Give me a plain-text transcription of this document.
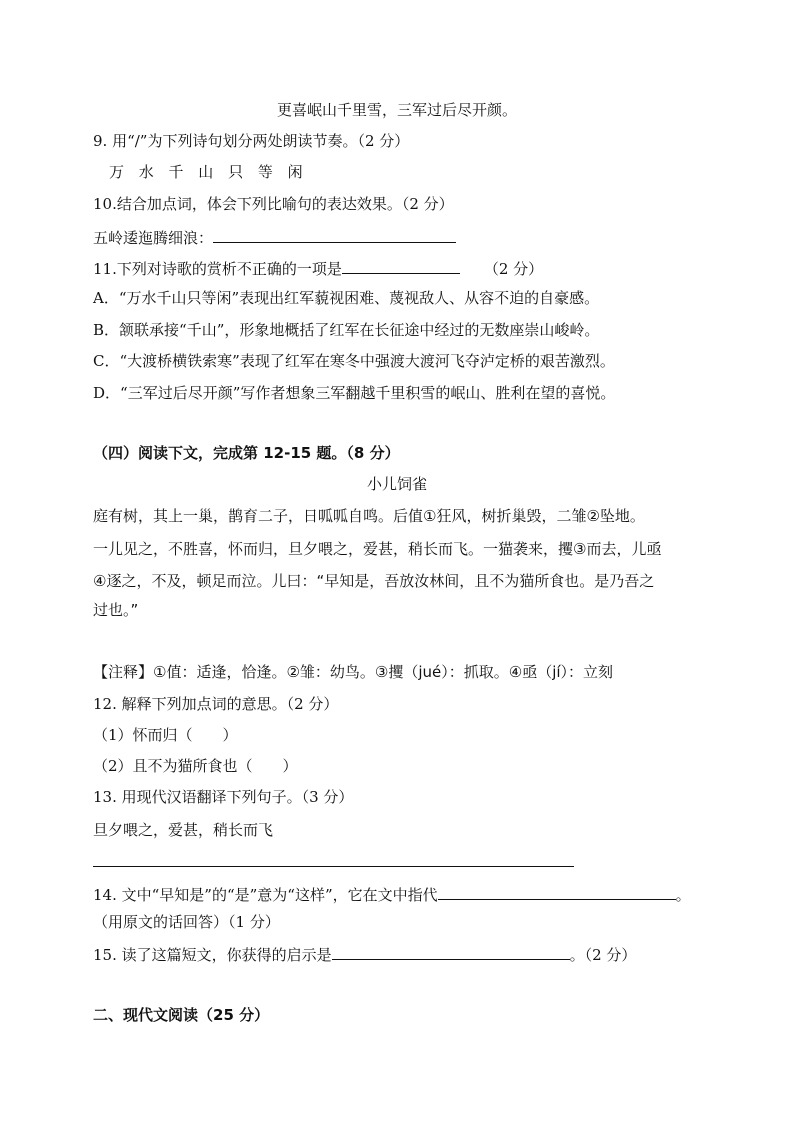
更喜岷山千里雪，三军过后尽开颜。
9. 用“/”为下列诗句划分两处朗读节奏。（2 分）
万 水 千 山 只 等 闲
10.结合加点词，体会下列比喻句的表达效果。（2 分）
五岭逶迤腾细浪：
11.下列对诗歌的赏析不正确的一项是	（2 分）
A．“万水千山只等闲”表现出红军藐视困难、蔑视敌人、从容不迫的自豪感。
B．颔联承接“千山”，形象地概括了红军在长征途中经过的无数座崇山峻岭。
C．“大渡桥横铁索寒”表现了红军在寒冬中强渡大渡河飞夺泸定桥的艰苦激烈。
D．“三军过后尽开颜”写作者想象三军翻越千里积雪的岷山、胜利在望的喜悦。
（四）阅读下文，完成第 12-15 题。（8 分）
小儿饲雀
庭有树，其上一巢，鹊育二子，日呱呱自鸣。后值①狂风，树折巢毁，二雏②坠地。
一儿见之，不胜喜，怀而归，旦夕喂之，爱甚，稍长而飞。一猫袭来，攫③而去，儿亟
④逐之，不及，顿足而泣。儿曰：“早知是，吾放汝林间，且不为猫所食也。是乃吾之
过也。”
【注释】①值：适逢，恰逢。②雏：幼鸟。③攫（jué）：抓取。④亟（jí）：立刻
12. 解释下列加点词的意思。（2 分）
（1）怀而归（　　）
（2）且不为猫所食也（　　）
13. 用现代汉语翻译下列句子。（3 分）
旦夕喂之，爱甚，稍长而飞
14. 文中“早知是”的“是”意为“这样”，它在文中指代	。
（用原文的话回答）（1 分）
15. 读了这篇短文，你获得的启示是	。（2 分）
二、现代文阅读（25 分）
